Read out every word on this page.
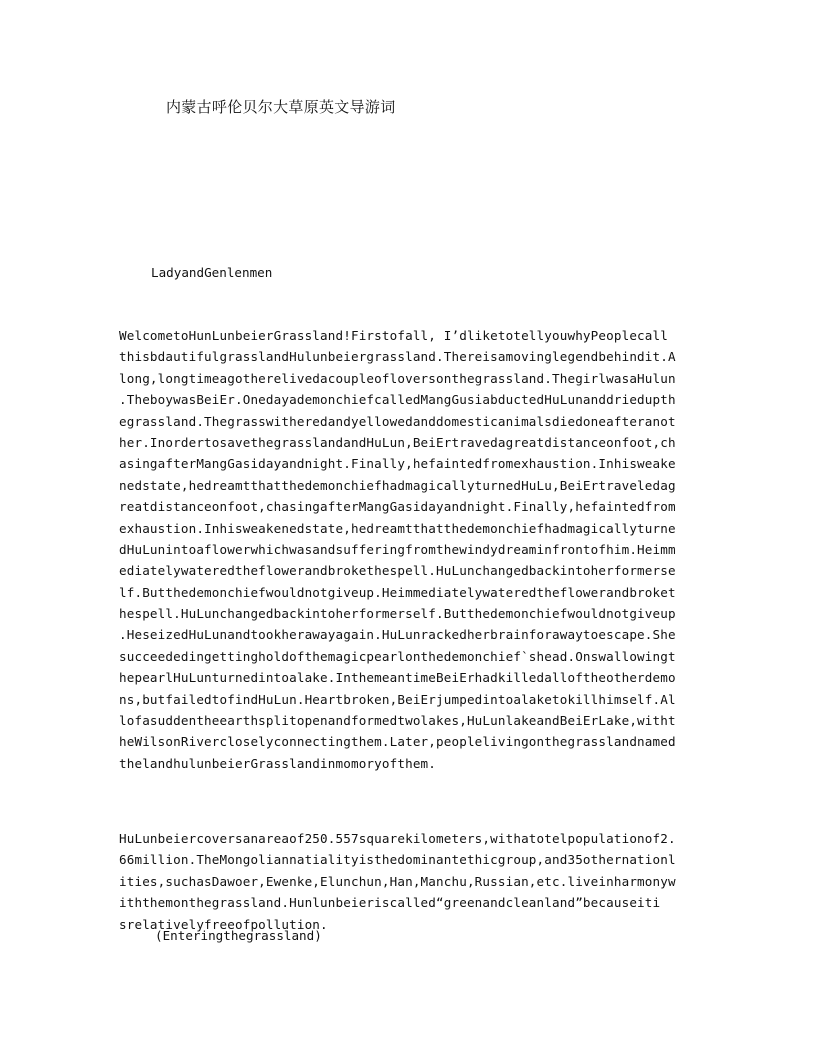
内蒙古呼伦贝尔大草原英文导游词
LadyandGenlenmen
WelcometoHunLunbeierGrassland!Firstofall, I’dliketotellyouwhyPeoplecall
thisbdautifulgrasslandHulunbeiergrassland.Thereisamovinglegendbehindit.A
long,longtimeagotherelivedacoupleofloversonthegrassland.ThegirlwasaHulun
.TheboywasBeiEr.OnedayademonchiefcalledMangGusiabductedHuLunanddriedupth
egrassland.Thegrasswitheredandyellowedanddomesticanimalsdiedoneafteranot
her.InordertosavethegrasslandandHuLun,BeiErtravedagreatdistanceonfoot,ch
asingafterMangGasidayandnight.Finally,hefaintedfromexhaustion.Inhisweake
nedstate,hedreamtthatthedemonchiefhadmagicallyturnedHuLu,BeiErtraveledag
reatdistanceonfoot,chasingafterMangGasidayandnight.Finally,hefaintedfrom
exhaustion.Inhisweakenedstate,hedreamtthatthedemonchiefhadmagicallyturne
dHuLunintoaflowerwhichwasandsufferingfromthewindydreaminfrontofhim.Heimm
ediatelywateredtheflowerandbrokethespell.HuLunchangedbackintoherformerse
lf.Butthedemonchiefwouldnotgiveup.Heimmediatelywateredtheflowerandbroket
hespell.HuLunchangedbackintoherformerself.Butthedemonchiefwouldnotgiveup
.HeseizedHuLunandtookherawayagain.HuLunrackedherbrainforawaytoescape.She
succeededingettingholdofthemagicpearlonthedemonchief`shead.Onswallowingt
hepearlHuLunturnedintoalake.InthemeantimeBeiErhadkilledalloftheotherdemo
ns,butfailedtofindHuLun.Heartbroken,BeiErjumpedintoalaketokillhimself.Al
lofasuddentheearthsplitopenandformedtwolakes,HuLunlakeandBeiErLake,witht
heWilsonRivercloselyconnectingthem.Later,peoplelivingonthegrasslandnamed
thelandhulunbeierGrasslandinmomoryofthem.
HuLunbeiercoversanareaof250.557squarekilometers,withatotelpopulationof2.
66million.TheMongoliannatialityisthedominantethicgroup,and35othernationl
ities,suchasDawoer,Ewenke,Elunchun,Han,Manchu,Russian,etc.liveinharmonyw
iththemonthegrassland.Hunlunbeieriscalled“greenandcleanland”becauseiti
srelativelyfreeofpollution.
(Enteringthegrassland)
